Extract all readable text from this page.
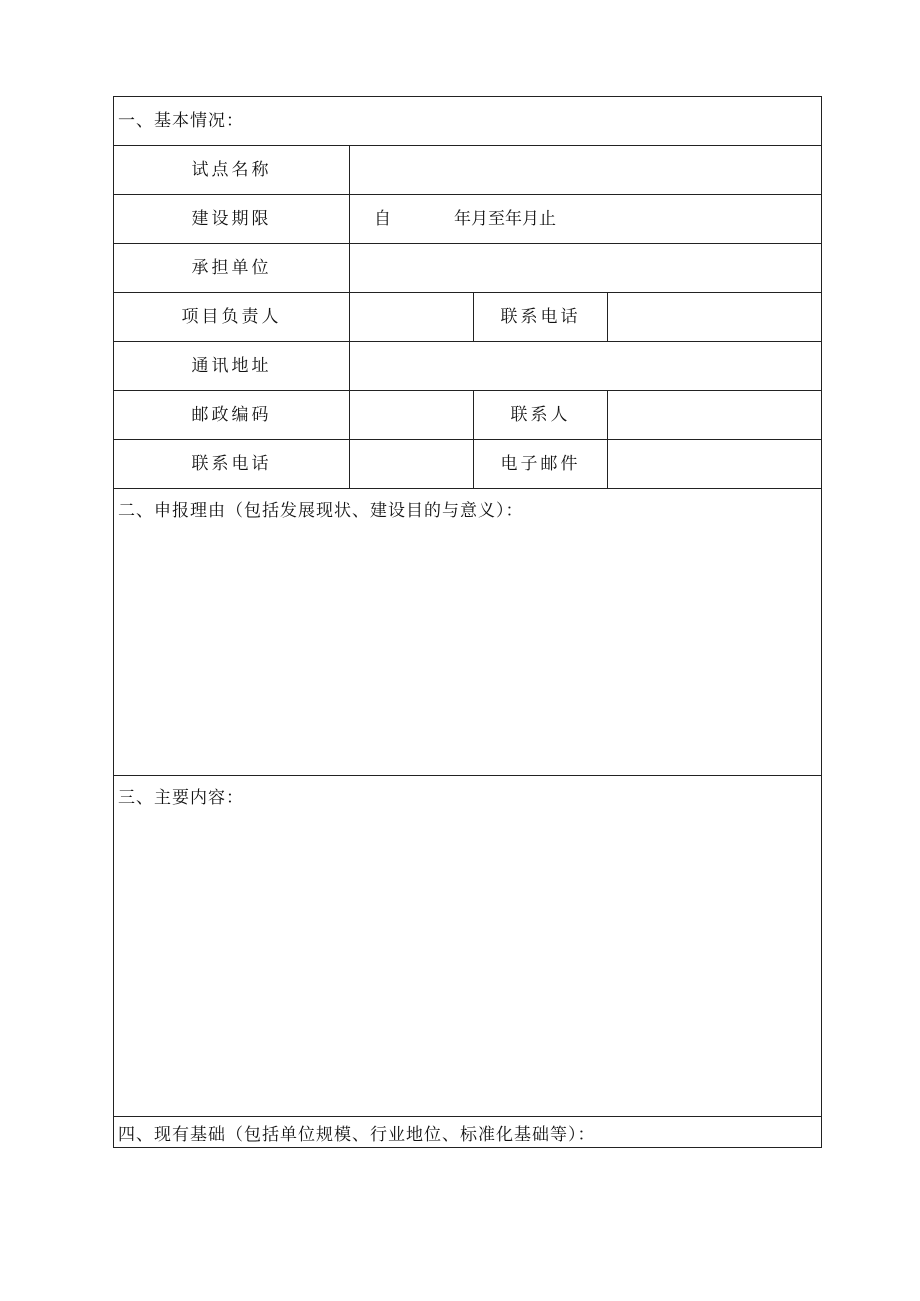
一、基本情况：			
试点名称			
建设期限	自 年月至年月止		
承担单位			
项目负责人		联系电话	
通讯地址			
邮政编码		联系人	
联系电话		电子邮件	

二、申报理由（包括发展现状、建设目的与意义）：			

三、主要内容：			

四、现有基础（包括单位规模、行业地位、标准化基础等）：			
